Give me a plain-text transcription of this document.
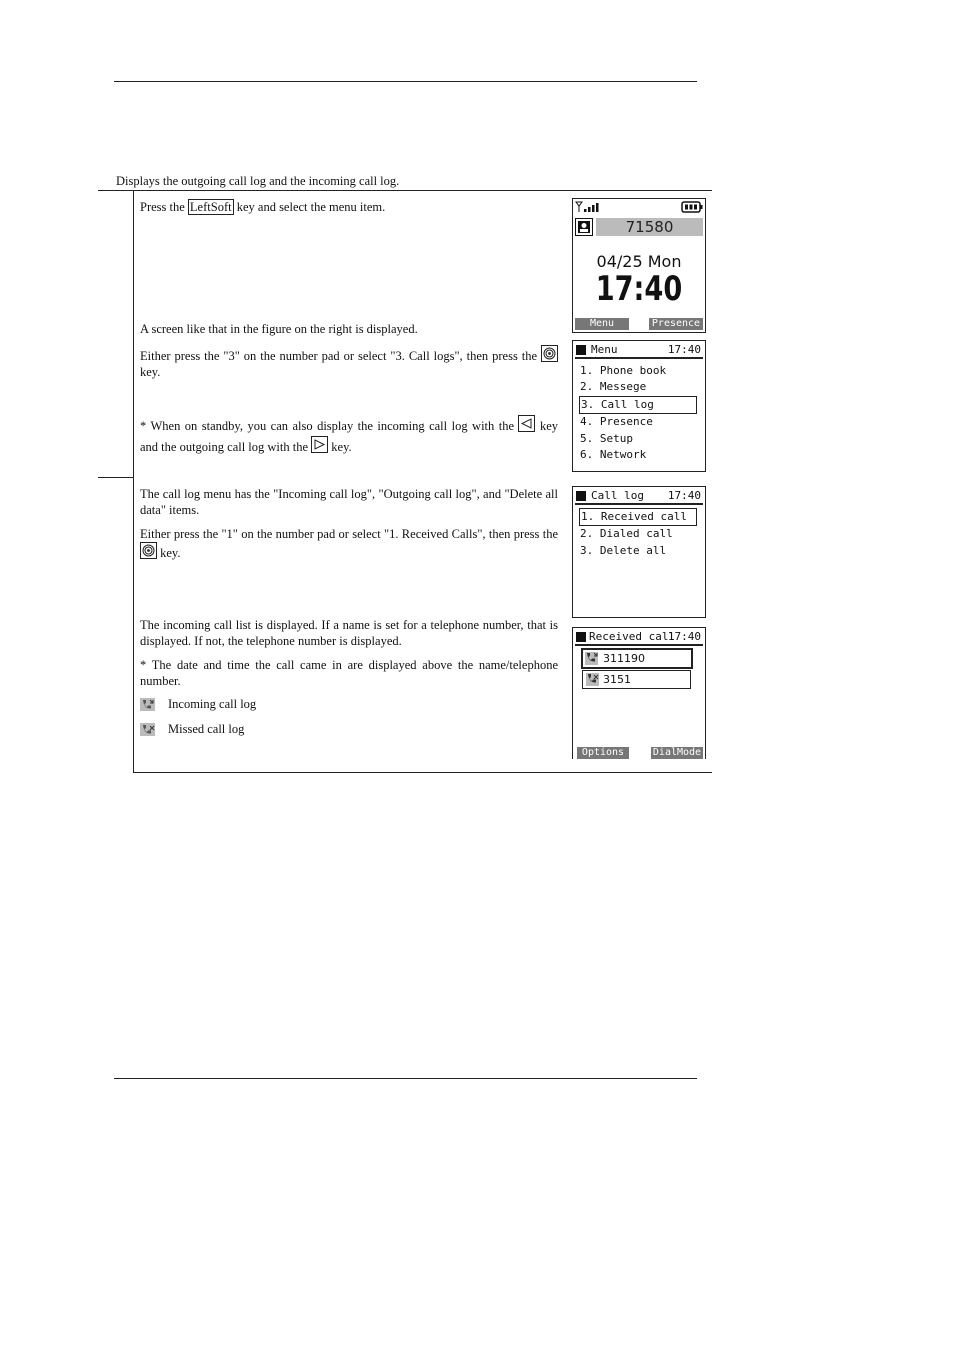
Displays the outgoing call log and the incoming call log.
Press the LeftSoft key and select the menu item.
A screen like that in the figure on the right is displayed.
Either press the "3" on the number pad or select "3. Call logs", then press the
key.
* When on standby, you can also display the incoming call log with the key and the outgoing call log with the key.
The call log menu has the "Incoming call log", "Outgoing call log", and "Delete all data" items.
Either press the "1" on the number pad or select "1. Received Calls", then press the
key.
The incoming call list is displayed. If a name is set for a telephone number, that is displayed. If not, the telephone number is displayed.
* The date and time the call came in are displayed above the name/telephone number.
Incoming call log
Missed call log
71580
04/25 Mon
17:40
Menu	Presence
Menu	17:40
1. Phone book
2. Messege
3. Call log
4. Presence
5. Setup
6. Network
Call log 17:40
1. Received call
2. Dialed call
3. Delete all
Received call
17:40
311190
3151
Options	DialMode
